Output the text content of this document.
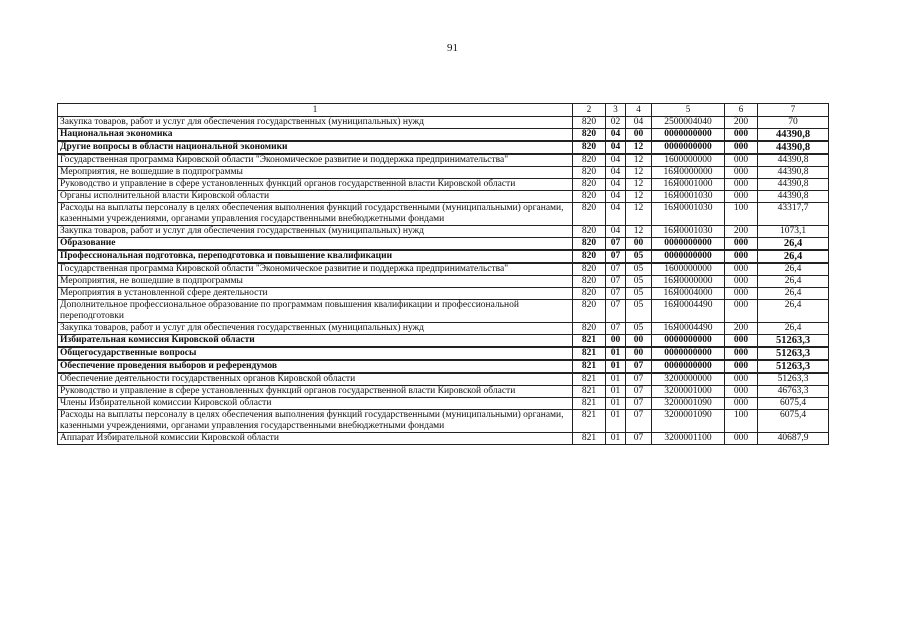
91
1	2	3	4	5	6	7
Закупка товаров, работ и услуг для обеспечения государственных (муниципальных) нужд	820	02	04	2500004040	200	70
Национальная экономика	820	04	00	0000000000	000	44390,8
Другие вопросы в области национальной экономики	820	04	12	0000000000	000	44390,8
Государственная программа Кировской области "Экономическое развитие и поддержка предпринимательства"	820	04	12	1600000000	000	44390,8
Мероприятия, не вошедшие в подпрограммы	820	04	12	16Я0000000	000	44390,8
Руководство и управление в сфере установленных функций органов государственной власти Кировской области	820	04	12	16Я0001000	000	44390,8
Органы исполнительной власти Кировской области	820	04	12	16Я0001030	000	44390,8
Расходы на выплаты персоналу в целях обеспечения выполнения функций государственными (муниципальными) органами, казенными учреждениями, органами управления государственными внебюджетными фондами	820	04	12	16Я0001030	100	43317,7
Закупка товаров, работ и услуг для обеспечения государственных (муниципальных) нужд	820	04	12	16Я0001030	200	1073,1
Образование	820	07	00	0000000000	000	26,4
Профессиональная подготовка, переподготовка и повышение квалификации	820	07	05	0000000000	000	26,4
Государственная программа Кировской области "Экономическое развитие и поддержка предпринимательства"	820	07	05	1600000000	000	26,4
Мероприятия, не вошедшие в подпрограммы	820	07	05	16Я0000000	000	26,4
Мероприятия в установленной сфере деятельности	820	07	05	16Я0004000	000	26,4
Дополнительное профессиональное образование по программам повышения квалификации и профессиональной переподготовки	820	07	05	16Я0004490	000	26,4
Закупка товаров, работ и услуг для обеспечения государственных (муниципальных) нужд	820	07	05	16Я0004490	200	26,4
Избирательная комиссия Кировской области	821	00	00	0000000000	000	51263,3
Общегосударственные вопросы	821	01	00	0000000000	000	51263,3
Обеспечение проведения выборов и референдумов	821	01	07	0000000000	000	51263,3
Обеспечение деятельности государственных органов Кировской области	821	01	07	3200000000	000	51263,3
Руководство и управление в сфере установленных функций органов государственной власти Кировской области	821	01	07	3200001000	000	46763,3
Члены Избирательной комиссии Кировской области	821	01	07	3200001090	000	6075,4
Расходы на выплаты персоналу в целях обеспечения выполнения функций государственными (муниципальными) органами, казенными учреждениями, органами управления государственными внебюджетными фондами	821	01	07	3200001090	100	6075,4
Аппарат Избирательной комиссии Кировской области	821	01	07	3200001100	000	40687,9
